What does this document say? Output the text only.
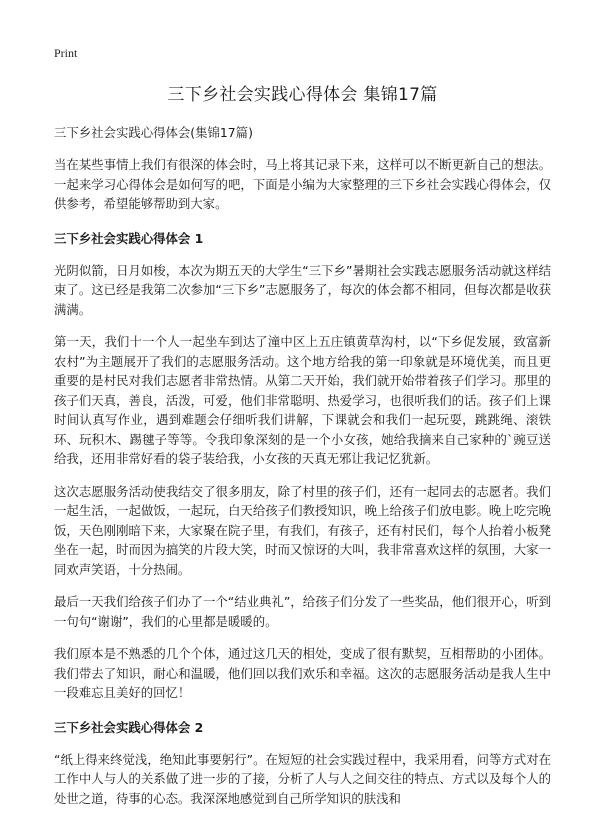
Print

三下乡社会实践心得体会 集锦17篇

三下乡社会实践心得体会(集锦17篇)

当在某些事情上我们有很深的体会时，马上将其记录下来，这样可以不断更新自己的想法。一起来学习心得体会是如何写的吧，下面是小编为大家整理的三下乡社会实践心得体会，仅供参考，希望能够帮助到大家。

三下乡社会实践心得体会 1

光阴似箭，日月如梭，本次为期五天的大学生“三下乡”暑期社会实践志愿服务活动就这样结束了。这已经是我第二次参加“三下乡”志愿服务了，每次的体会都不相同，但每次都是收获满满。

第一天，我们十一个人一起坐车到达了潼中区上五庄镇黄草沟村，以“下乡促发展，致富新农村”为主题展开了我们的志愿服务活动。这个地方给我的第一印象就是环境优美，而且更重要的是村民对我们志愿者非常热情。从第二天开始，我们就开始带着孩子们学习。那里的孩子们天真，善良，活泼，可爱，他们非常聪明、热爱学习，也很听我们的话。孩子们上课时间认真写作业，遇到难题会仔细听我们讲解，下课就会和我们一起玩耍，跳跳绳、滚铁环、玩积木、踢毽子等等。令我印象深刻的是一个小女孩，她给我摘来自己家种的`豌豆送给我，还用非常好看的袋子装给我，小女孩的天真无邪让我记忆犹新。

这次志愿服务活动使我结交了很多朋友，除了村里的孩子们，还有一起同去的志愿者。我们一起生活，一起做饭，一起玩，白天给孩子们教授知识，晚上给孩子们放电影。晚上吃完晚饭，天色刚刚暗下来，大家聚在院子里，有我们，有孩子，还有村民们，每个人抬着小板凳坐在一起，时而因为搞笑的片段大笑，时而又惊讶的大叫，我非常喜欢这样的氛围，大家一同欢声笑语，十分热闹。

最后一天我们给孩子们办了一个“结业典礼”，给孩子们分发了一些奖品，他们很开心，听到一句句“谢谢”，我们的心里都是暖暖的。

我们原本是不熟悉的几个个体，通过这几天的相处，变成了很有默契，互相帮助的小团体。我们带去了知识，耐心和温暖，他们回以我们欢乐和幸福。这次的志愿服务活动是我人生中一段难忘且美好的回忆！

三下乡社会实践心得体会 2

“纸上得来终觉浅，绝知此事要躬行”。在短短的社会实践过程中，我采用看，问等方式对在工作中人与人的关系做了进一步的了接，分析了人与人之间交往的特点、方式以及每个人的处世之道，待事的心态。我深深地感觉到自己所学知识的肤浅和
